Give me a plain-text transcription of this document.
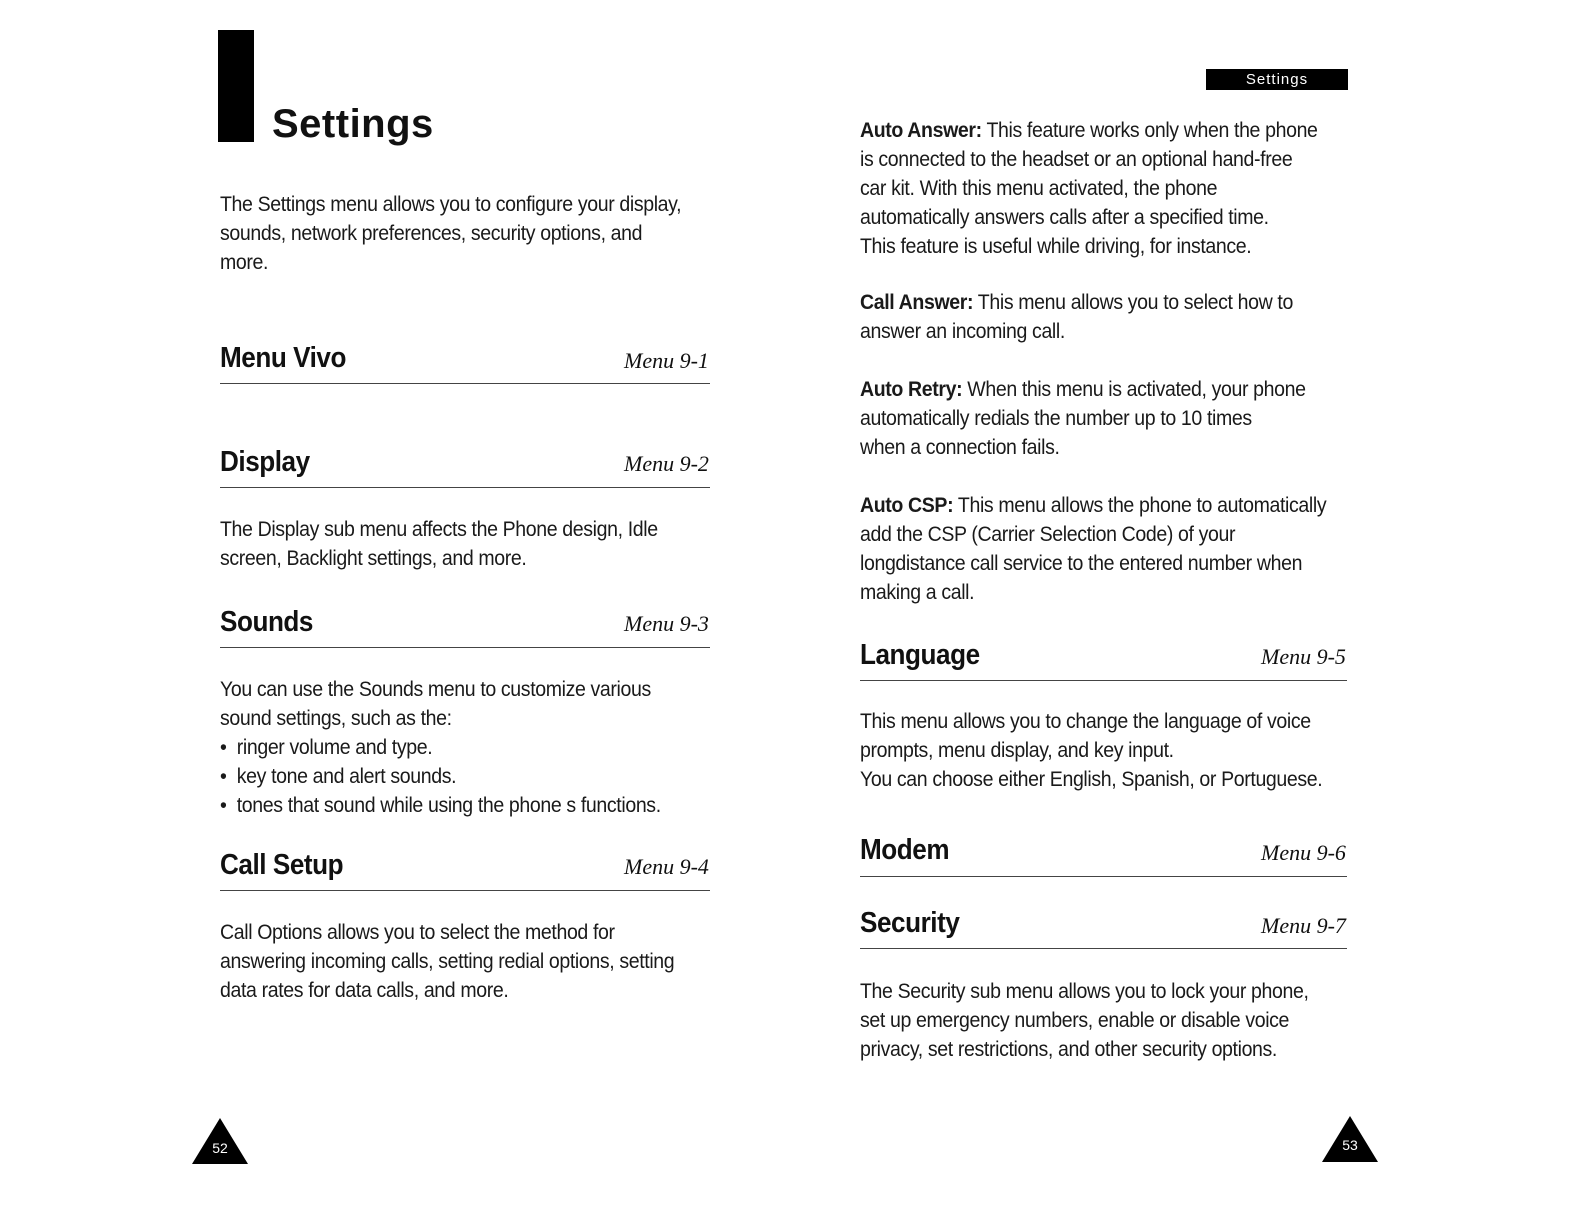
Settings

The Settings menu allows you to configure your display,

sounds, network preferences, security options, and

more.

Menu Vivo	Menu 9-1
Display	Menu 9-2

The Display sub menu affects the Phone design, Idle

screen, Backlight settings, and more.

Sounds	Menu 9-3

You can use the Sounds menu to customize various

sound settings, such as the:

• ringer volume and type.

• key tone and alert sounds.

• tones that sound while using the phone s functions.

Call Setup	Menu 9-4

Call Options allows you to select the method for

answering incoming calls, setting redial options, setting

data rates for data calls, and more.

52
Settings

Auto Answer: This feature works only when the phone

is connected to the headset or an optional hand-free

car kit. With this menu activated, the phone

automatically answers calls after a specified time.

This feature is useful while driving, for instance.

Call Answer: This menu allows you to select how to

answer an incoming call.

Auto Retry: When this menu is activated, your phone

automatically redials the number up to 10 times

when a connection fails.

Auto CSP: This menu allows the phone to automatically

add the CSP (Carrier Selection Code) of your

longdistance call service to the entered number when

making a call.

Language	Menu 9-5

This menu allows you to change the language of voice

prompts, menu display, and key input.

You can choose either English, Spanish, or Portuguese.

Modem	Menu 9-6
Security	Menu 9-7

The Security sub menu allows you to lock your phone,

set up emergency numbers, enable or disable voice

privacy, set restrictions, and other security options.

53
